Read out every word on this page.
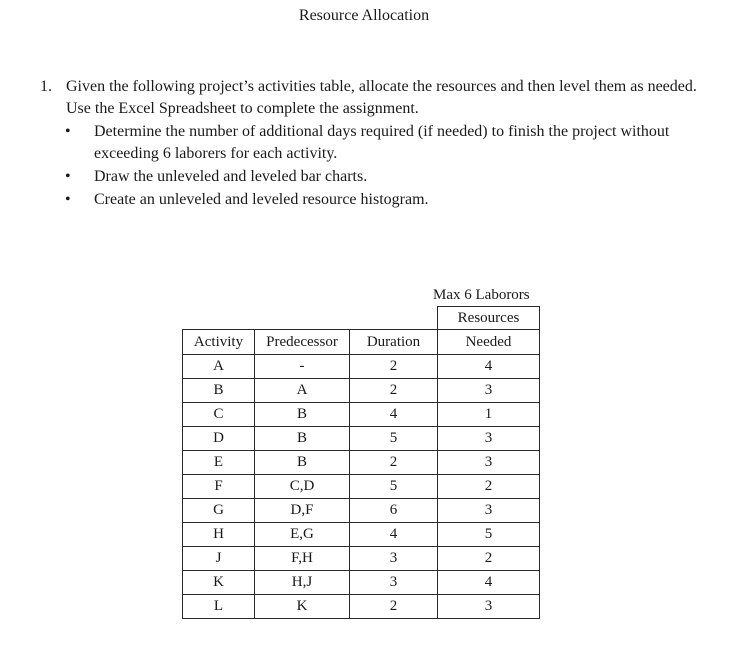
Resource Allocation
1. Given the following project’s activities table, allocate the resources and then level them as needed. Use the Excel Spreadsheet to complete the assignment.
• Determine the number of additional days required (if needed) to finish the project without exceeding 6 laborers for each activity.
• Draw the unleveled and leveled bar charts.
• Create an unleveled and leveled resource histogram.
Max 6 Laborors
			Resources
Activity	Predecessor	Duration	Needed
A	-	2	4
B	A	2	3
C	B	4	1
D	B	5	3
E	B	2	3
F	C,D	5	2
G	D,F	6	3
H	E,G	4	5
J	F,H	3	2
K	H,J	3	4
L	K	2	3
